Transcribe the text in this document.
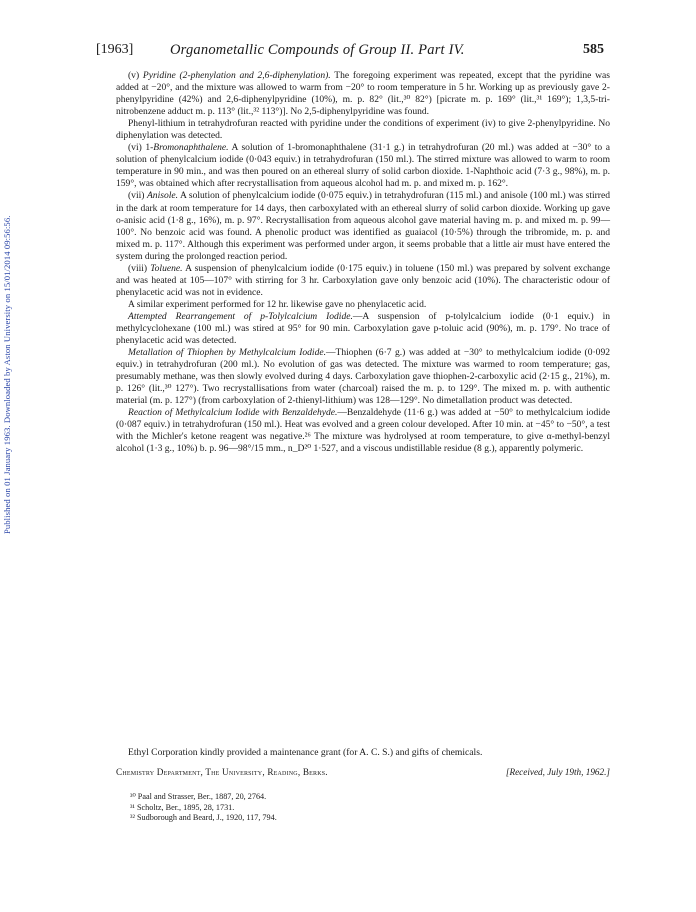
Published on 01 January 1963. Downloaded by Aston University on 15/01/2014 09:56:56.
[1963]	Organometallic Compounds of Group II. Part IV.	585

(v) Pyridine (2-phenylation and 2,6-diphenylation). The foregoing experiment was repeated, except that the pyridine was added at −20°, and the mixture was allowed to warm from −20° to room temperature in 5 hr. Working up as previously gave 2-phenylpyridine (42%) and 2,6-diphenylpyridine (10%), m. p. 82° (lit.,³⁰ 82°) [picrate m. p. 169° (lit.,³¹ 169°); 1,3,5-tri-nitrobenzene adduct m. p. 113° (lit.,³² 113°)]. No 2,5-diphenylpyridine was found.

Phenyl-lithium in tetrahydrofuran reacted with pyridine under the conditions of experiment (iv) to give 2-phenylpyridine. No diphenylation was detected.

(vi) 1-Bromonaphthalene. A solution of 1-bromonaphthalene (31·1 g.) in tetrahydrofuran (20 ml.) was added at −30° to a solution of phenylcalcium iodide (0·043 equiv.) in tetrahydrofuran (150 ml.). The stirred mixture was allowed to warm to room temperature in 90 min., and was then poured on an ethereal slurry of solid carbon dioxide. 1-Naphthoic acid (7·3 g., 98%), m. p. 159°, was obtained which after recrystallisation from aqueous alcohol had m. p. and mixed m. p. 162°.

(vii) Anisole. A solution of phenylcalcium iodide (0·075 equiv.) in tetrahydrofuran (115 ml.) and anisole (100 ml.) was stirred in the dark at room temperature for 14 days, then carboxylated with an ethereal slurry of solid carbon dioxide. Working up gave o-anisic acid (1·8 g., 16%), m. p. 97°. Recrystallisation from aqueous alcohol gave material having m. p. and mixed m. p. 99—100°. No benzoic acid was found. A phenolic product was identified as guaiacol (10·5%) through the tribromide, m. p. and mixed m. p. 117°. Although this experiment was performed under argon, it seems probable that a little air must have entered the system during the prolonged reaction period.

(viii) Toluene. A suspension of phenylcalcium iodide (0·175 equiv.) in toluene (150 ml.) was prepared by solvent exchange and was heated at 105—107° with stirring for 3 hr. Carboxylation gave only benzoic acid (10%). The characteristic odour of phenylacetic acid was not in evidence.

A similar experiment performed for 12 hr. likewise gave no phenylacetic acid.

Attempted Rearrangement of p-Tolylcalcium Iodide.—A suspension of p-tolylcalcium iodide (0·1 equiv.) in methylcyclohexane (100 ml.) was stired at 95° for 90 min. Carboxylation gave p-toluic acid (90%), m. p. 179°. No trace of phenylacetic acid was detected.

Metallation of Thiophen by Methylcalcium Iodide.—Thiophen (6·7 g.) was added at −30° to methylcalcium iodide (0·092 equiv.) in tetrahydrofuran (200 ml.). No evolution of gas was detected. The mixture was warmed to room temperature; gas, presumably methane, was then slowly evolved during 4 days. Carboxylation gave thiophen-2-carboxylic acid (2·15 g., 21%), m. p. 126° (lit.,³⁰ 127°). Two recrystallisations from water (charcoal) raised the m. p. to 129°. The mixed m. p. with authentic material (m. p. 127°) (from carboxylation of 2-thienyl-lithium) was 128—129°. No dimetallation product was detected.

Reaction of Methylcalcium Iodide with Benzaldehyde.—Benzaldehyde (11·6 g.) was added at −50° to methylcalcium iodide (0·087 equiv.) in tetrahydrofuran (150 ml.). Heat was evolved and a green colour developed. After 10 min. at −45° to −50°, a test with the Michler's ketone reagent was negative.²⁶ The mixture was hydrolysed at room temperature, to give α-methyl-benzyl alcohol (1·3 g., 10%) b. p. 96—98°/15 mm., n_D²⁰ 1·527, and a viscous undistillable residue (8 g.), apparently polymeric.

Ethyl Corporation kindly provided a maintenance grant (for A. C. S.) and gifts of chemicals.

Chemistry Department, The University, Reading, Berks.	[Received, July 19th, 1962.]
³⁰ Paal and Strasser, Ber., 1887, 20, 2764.
³¹ Scholtz, Ber., 1895, 28, 1731.
³² Sudborough and Beard, J., 1920, 117, 794.
